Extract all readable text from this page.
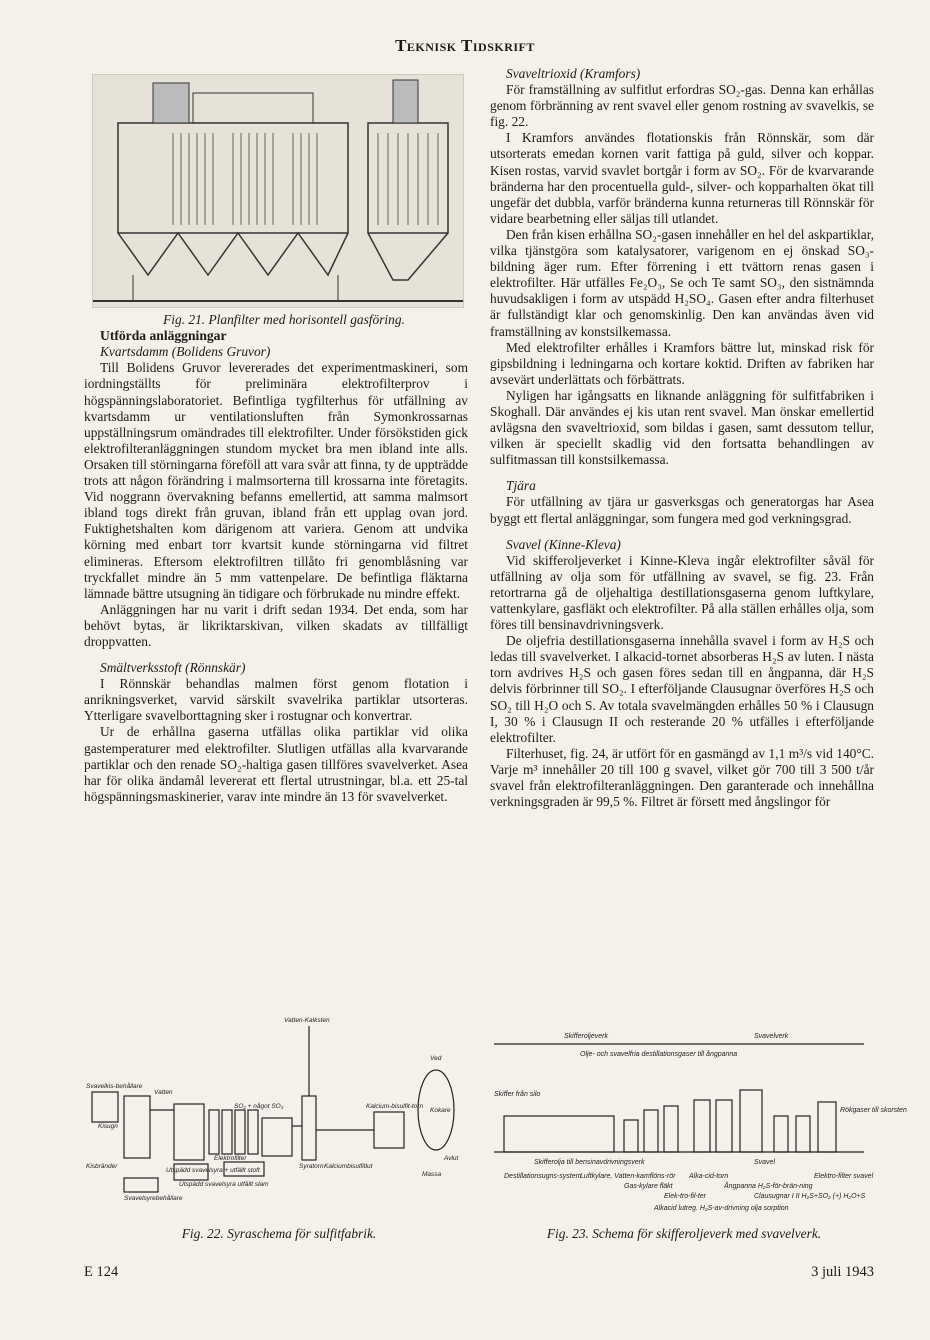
Teknisk Tidskrift

Fig. 21. Planfilter med horisontell gasföring.

Utförda anläggningar

Kvartsdamm (Bolidens Gruvor)

Till Bolidens Gruvor levererades det experimentmaskineri, som iordningställts för preliminära elektrofilterprov i högspänningslaboratoriet. Befintliga tygfilterhus för utfällning av kvartsdamm ur ventilationsluften från Symonkrossarnas uppställningsrum omändrades till elektrofilter. Under försökstiden gick elektrofilteranläggningen stundom mycket bra men ibland inte alls. Orsaken till störningarna föreföll att vara svår att finna, ty de uppträdde trots att någon förändring i malmsorterna till krossarna inte företagits. Vid noggrann övervakning befanns emellertid, att samma malmsort ibland togs direkt från gruvan, ibland från ett upplag ovan jord. Fuktighetshalten kom därigenom att variera. Genom att undvika körning med enbart torr kvartsit kunde störningarna vid filtret elimineras. Eftersom elektrofiltren tillåto fri genomblåsning var tryckfallet mindre än 5 mm vattenpelare. De befintliga fläktarna lämnade bättre utsugning än tidigare och förbrukade nu mindre effekt.

Anläggningen har nu varit i drift sedan 1934. Det enda, som har behövt bytas, är likriktarskivan, vilken skadats av tillfälligt droppvatten.

Smältverksstoft (Rönnskär)

I Rönnskär behandlas malmen först genom flotation i anrikningsverket, varvid särskilt svavelrika partiklar utsorteras. Ytterligare svavelborttagning sker i rostugnar och konvertrar.

Ur de erhållna gaserna utfällas olika partiklar vid olika gastemperaturer med elektrofilter. Slutligen utfällas alla kvarvarande partiklar och den renade SO₂-haltiga gasen tillföres svavelverket. Asea har för olika ändamål levererat ett flertal utrustningar, bl.a. ett 25-tal högspänningsmaskinerier, varav inte mindre än 13 för svavelverket.

Svaveltrioxid (Kramfors)

För framställning av sulfitlut erfordras SO₂-gas. Denna kan erhållas genom förbränning av rent svavel eller genom rostning av svavelkis, se fig. 22.

I Kramfors användes flotationskis från Rönnskär, som där utsorterats emedan kornen varit fattiga på guld, silver och koppar. Kisen rostas, varvid svavlet bortgår i form av SO₂. För de kvarvarande bränderna har den procentuella guld-, silver- och kopparhalten ökat till ungefär det dubbla, varför bränderna kunna returneras till Rönnskär för vidare bearbetning eller säljas till utlandet.

Den från kisen erhållna SO₂-gasen innehåller en hel del askpartiklar, vilka tjänstgöra som katalysatorer, varigenom en ej önskad SO₃-bildning äger rum. Efter förrening i ett tvättorn renas gasen i elektrofilter. Här utfälles Fe₂O₃, Se och Te samt SO₃, den sistnämnda huvudsakligen i form av utspädd H₂SO₄. Gasen efter andra filterhuset är fullständigt klar och genomskinlig. Den kan användas även vid framställning av konstsilkemassa.

Med elektrofilter erhålles i Kramfors bättre lut, minskad risk för gipsbildning i ledningarna och kortare koktid. Driften av fabriken har avsevärt underlättats och förbättrats.

Nyligen har igångsatts en liknande anläggning för sulfitfabriken i Skoghall. Där användes ej kis utan rent svavel. Man önskar emellertid avlägsna den svaveltrioxid, som bildas i gasen, samt dessutom tellur, vilken är speciellt skadlig vid den fortsatta behandlingen av sulfitmassan till konstsilkemassa.

Tjära

För utfällning av tjära ur gasverksgas och generatorgas har Asea byggt ett flertal anläggningar, som fungera med god verkningsgrad.

Svavel (Kinne-Kleva)

Vid skifferoljeverket i Kinne-Kleva ingår elektrofilter såväl för utfällning av olja som för utfällning av svavel, se fig. 23. Från retortrarna gå de oljehaltiga destillationsgaserna genom luftkylare, vattenkylare, gasfläkt och elektrofilter. På alla ställen erhålles olja, som föres till bensinavdrivningsverk.

De oljefria destillationsgaserna innehålla svavel i form av H₂S och ledas till svavelverket. I alkacid-tornet absorberas H₂S av luten. I nästa torn avdrives H₂S och gasen föres sedan till en ångpanna, där H₂S delvis förbrinner till SO₂. I efterföljande Clausugnar överföres H₂S och SO₂ till H₂O och S. Av totala svavelmängden erhålles 50 % i Clausugn I, 30 % i Clausugn II och resterande 20 % utfälles i efterföljande elektrofilter.

Filterhuset, fig. 24, är utfört för en gasmängd av 1,1 m³/s vid 140°C. Varje m³ innehåller 20 till 100 g svavel, vilket gör 700 till 3 500 t/år svavel från elektrofilteranläggningen. Den garanterade och innehållna verkningsgraden är 99,5 %. Filtret är försett med ångslingor för

Svavelkis-behållare
Vatten
Kisugn
Kisbränder
Utspädd svavelsyra + utfällt stoft
Elektrofilter
Utspädd svavelsyra utfällt slam
SO₂ + något SO₃
Svavelsyrebehållare
Syratorn Kalciumbisulfitlut
Kokare
Ved
Massa
Avlut
Kalcium-bisulfit-torn
Vatten-Kalksten
Fig. 22. Syraschema för sulfitfabrik.
Skifferoljeverk	Svavelverk
Olje- och svavelfria destillationsgaser till ångpanna
Skiffer från silo
Rökgaser till skorsten
Skifferolja till bensinavdrivningsverk	Svavel
Destillationsugns-system
Luftkylare, Vatten-kamflöns-rör
Gas-kylare fläkt
Elek-tro-fil-ter
Alka-cid-torn
Alkacid lutreg. H₂S-av-drivning olja sorption
Ångpanna H₂S-för-brän-ning
Clausugnar I II H₂S+SO₂ (+) H₂O+S
Elektro-filter svavel
Fig. 23. Schema för skifferoljeverk med svavelverk.
E 124	3 juli 1943
